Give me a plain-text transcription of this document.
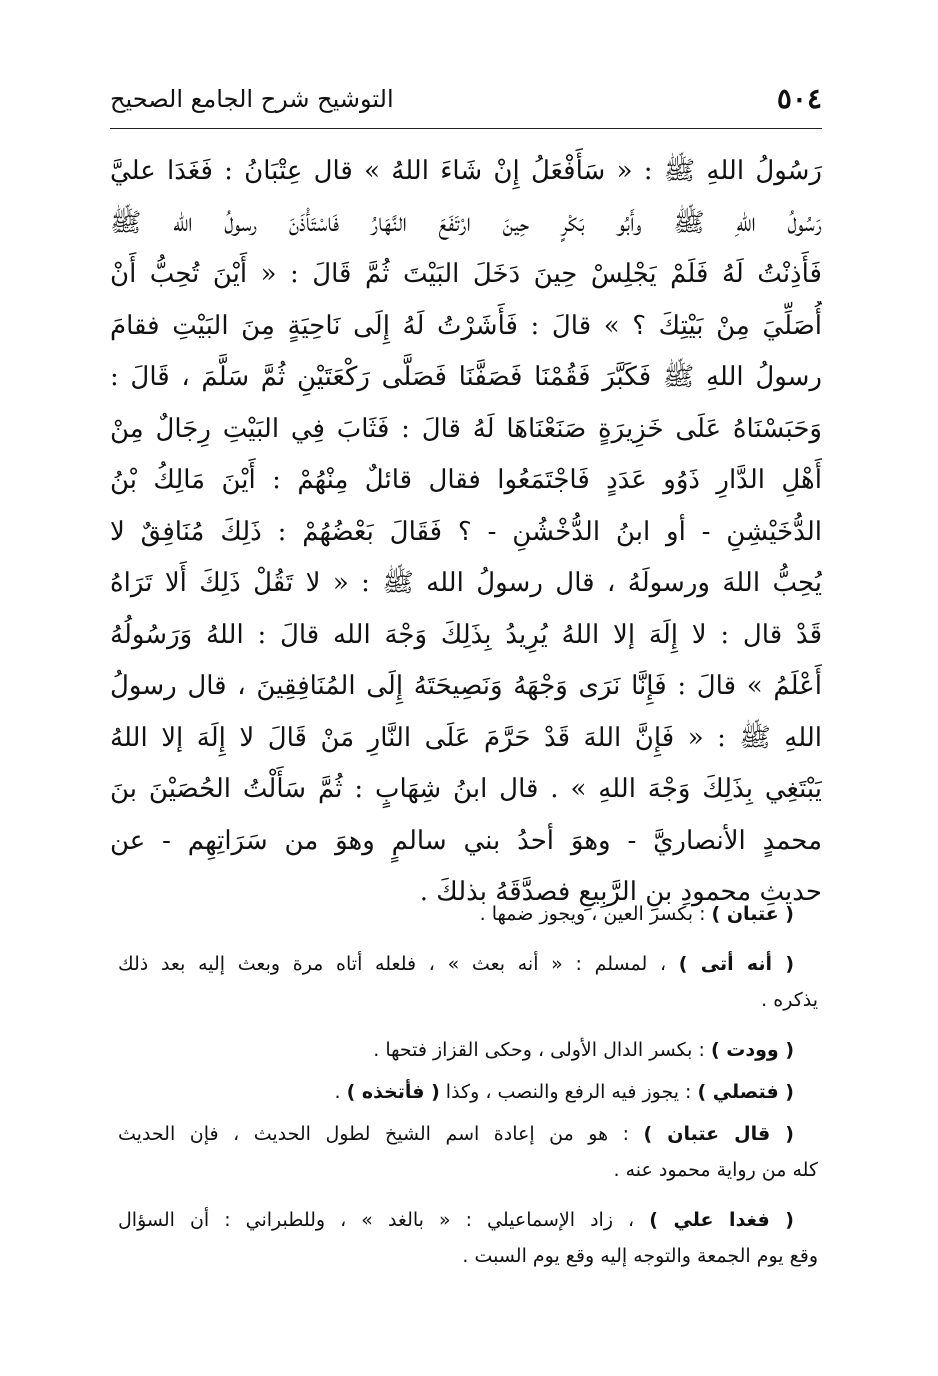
٥٠٤
التوشيح شرح الجامع الصحيح
رَسُولُ اللهِ ﷺ : « سَأَفْعَلُ إِنْ شَاءَ اللهُ » قال عِتْبَانُ : فَغَدَا عليَّ
رَسُولُ اللهِ ﷺ وأَبُو بَكْرٍ حِينَ ارْتَفَعَ النَّهَارُ فَاسْتَأْذَنَ رسولُ الله ﷺ
فَأَذِنْتُ لَهُ فَلَمْ يَجْلِسْ حِينَ دَخَلَ البَيْتَ ثُمَّ قَالَ : « أَيْنَ تُحِبُّ أَنْ
أُصَلِّيَ مِنْ بَيْتِكَ ؟ » قالَ : فَأَشَرْتُ لَهُ إِلَى نَاحِيَةٍ مِنَ البَيْتِ فقامَ
رسولُ اللهِ ﷺ فَكَبَّرَ فَقُمْنَا فَصَفَّنَا فَصَلَّى رَكْعَتَيْنِ ثُمَّ سَلَّمَ ، قَالَ :
وَحَبَسْنَاهُ عَلَى خَزِيرَةٍ صَنَعْنَاهَا لَهُ قالَ : فَثَابَ فِي البَيْتِ رِجَالٌ مِنْ
أَهْلِ الدَّارِ ذَوُو عَدَدٍ فَاجْتَمَعُوا فقال قائلٌ مِنْهُمْ : أَيْنَ مَالِكُ بْنُ
الدُّخَيْشِنِ - أو ابنُ الدُّخْشُنِ - ؟ فَقَالَ بَعْضُهُمْ : ذَلِكَ مُنَافِقٌ لا
يُحِبُّ اللهَ ورسولَهُ ، قال رسولُ الله ﷺ : « لا تَقُلْ ذَلِكَ أَلا تَرَاهُ
قَدْ قال : لا إِلَهَ إلا اللهُ يُرِيدُ بِذَلِكَ وَجْهَ الله قالَ : اللهُ وَرَسُولُهُ
أَعْلَمُ » قالَ : فَإِنَّا نَرَى وَجْهَهُ وَنَصِيحَتَهُ إِلَى المُنَافِقِينَ ، قال رسولُ
اللهِ ﷺ : « فَإِنَّ اللهَ قَدْ حَرَّمَ عَلَى النَّارِ مَنْ قَالَ لا إِلَهَ إلا اللهُ
يَبْتَغِي بِذَلِكَ وَجْهَ اللهِ » . قال ابنُ شِهَابٍ : ثُمَّ سَأَلْتُ الحُصَيْنَ بنَ
محمدٍ الأنصاريَّ - وهوَ أحدُ بني سالمٍ وهوَ من سَرَاتِهِم - عن
حديثِ محمودِ بنِ الرَّبِيعِ فصدَّقَهُ بذلكَ .
( عتبان ) : بكسر العين ، ويجوز ضمها .
( أنه أتى ) ، لمسلم : « أنه بعث » ، فلعله أتاه مرة وبعث إليه بعد ذلك
يذكره .
( وودت ) : بكسر الدال الأولى ، وحكى القزاز فتحها .
( فتصلي ) : يجوز فيه الرفع والنصب ، وكذا ( فأتخذه ) .
( قال عتبان ) : هو من إعادة اسم الشيخ لطول الحديث ، فإن الحديث
كله من رواية محمود عنه .
( فغدا علي ) ، زاد الإسماعيلي : « بالغد » ، وللطبراني : أن السؤال
وقع يوم الجمعة والتوجه إليه وقع يوم السبت .
